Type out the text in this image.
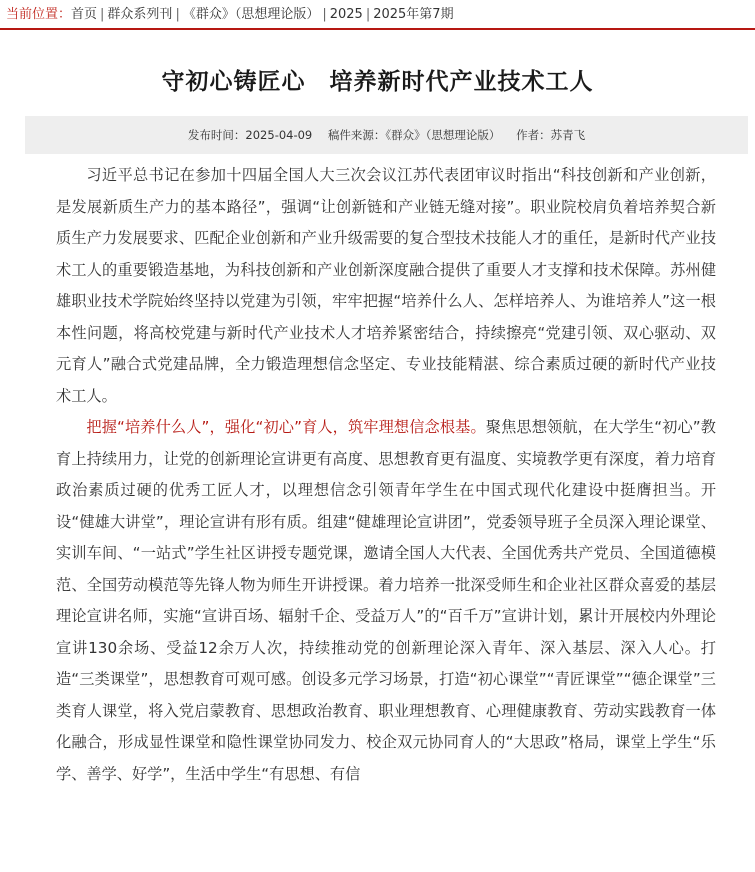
当前位置：首页 | 群众系列刊 | 《群众》（思想理论版） | 2025 | 2025年第7期
守初心铸匠心　培养新时代产业技术工人
发布时间：2025-04-09 稿件来源：《群众》（思想理论版） 作者：苏青飞

习近平总书记在参加十四届全国人大三次会议江苏代表团审议时指出“科技创新和产业创新，是发展新质生产力的基本路径”，强调“让创新链和产业链无缝对接”。职业院校肩负着培养契合新质生产力发展要求、匹配企业创新和产业升级需要的复合型技术技能人才的重任，是新时代产业技术工人的重要锻造基地，为科技创新和产业创新深度融合提供了重要人才支撑和技术保障。苏州健雄职业技术学院始终坚持以党建为引领，牢牢把握“培养什么人、怎样培养人、为谁培养人”这一根本性问题，将高校党建与新时代产业技术人才培养紧密结合，持续擦亮“党建引领、双心驱动、双元育人”融合式党建品牌，全力锻造理想信念坚定、专业技能精湛、综合素质过硬的新时代产业技术工人。

把握“培养什么人”，强化“初心”育人，筑牢理想信念根基。聚焦思想领航，在大学生“初心”教育上持续用力，让党的创新理论宣讲更有高度、思想教育更有温度、实境教学更有深度，着力培育政治素质过硬的优秀工匠人才，以理想信念引领青年学生在中国式现代化建设中挺膺担当。开设“健雄大讲堂”，理论宣讲有形有质。组建“健雄理论宣讲团”，党委领导班子全员深入理论课堂、实训车间、“一站式”学生社区讲授专题党课，邀请全国人大代表、全国优秀共产党员、全国道德模范、全国劳动模范等先锋人物为师生开讲授课。着力培养一批深受师生和企业社区群众喜爱的基层理论宣讲名师，实施“宣讲百场、辐射千企、受益万人”的“百千万”宣讲计划，累计开展校内外理论宣讲130余场、受益12余万人次，持续推动党的创新理论深入青年、深入基层、深入人心。打造“三类课堂”，思想教育可观可感。创设多元学习场景，打造“初心课堂”“青匠课堂”“德企课堂”三类育人课堂，将入党启蒙教育、思想政治教育、职业理想教育、心理健康教育、劳动实践教育一体化融合，形成显性课堂和隐性课堂协同发力、校企双元协同育人的“大思政”格局，课堂上学生“乐学、善学、好学”，生活中学生“有思想、有信
